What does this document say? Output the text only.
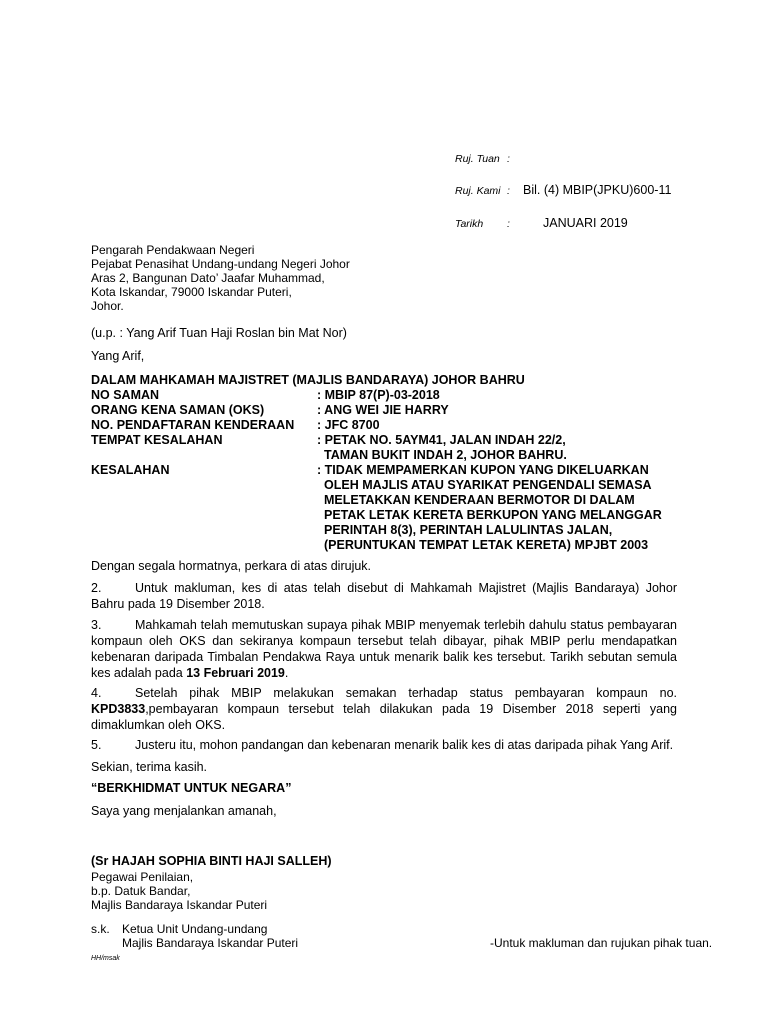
Ruj. Tuan :
Ruj. Kami : Bil. (4) MBIP(JPKU)600-11
Tarikh :	JANUARI 2019
Pengarah Pendakwaan Negeri
Pejabat Penasihat Undang-undang Negeri Johor
Aras 2, Bangunan Dato’ Jaafar Muhammad,
Kota Iskandar, 79000 Iskandar Puteri,
Johor.
(u.p. : Yang Arif Tuan Haji Roslan bin Mat Nor)
Yang Arif,
DALAM MAHKAMAH MAJISTRET (MAJLIS BANDARAYA) JOHOR BAHRU
NO SAMAN	: MBIP 87(P)-03-2018
ORANG KENA SAMAN (OKS)	: ANG WEI JIE HARRY
NO. PENDAFTARAN KENDERAAN : JFC 8700
TEMPAT KESALAHAN	: PETAK NO. 5AYM41, JALAN INDAH 22/2,
TAMAN BUKIT INDAH 2, JOHOR BAHRU.
KESALAHAN	: TIDAK MEMPAMERKAN KUPON YANG DIKELUARKAN
OLEH MAJLIS ATAU SYARIKAT PENGENDALI SEMASA
MELETAKKAN KENDERAAN BERMOTOR DI DALAM
PETAK LETAK KERETA BERKUPON YANG MELANGGAR
PERINTAH 8(3), PERINTAH LALULINTAS JALAN,
(PERUNTUKAN TEMPAT LETAK KERETA) MPJBT 2003
Dengan segala hormatnya, perkara di atas dirujuk.
2.	Untuk makluman, kes di atas telah disebut di Mahkamah Majistret (Majlis Bandaraya) Johor Bahru pada 19 Disember 2018.
3.	Mahkamah telah memutuskan supaya pihak MBIP menyemak terlebih dahulu status pembayaran kompaun oleh OKS dan sekiranya kompaun tersebut telah dibayar, pihak MBIP perlu mendapatkan kebenaran daripada Timbalan Pendakwa Raya untuk menarik balik kes tersebut. Tarikh sebutan semula kes adalah pada 13 Februari 2019.
4.	Setelah pihak MBIP melakukan semakan terhadap status pembayaran kompaun no. KPD3833,pembayaran kompaun tersebut telah dilakukan pada 19 Disember 2018 seperti yang dimaklumkan oleh OKS.
5.	Justeru itu, mohon pandangan dan kebenaran menarik balik kes di atas daripada pihak Yang Arif.
Sekian, terima kasih.
“BERKHIDMAT UNTUK NEGARA”
Saya yang menjalankan amanah,
(Sr HAJAH SOPHIA BINTI HAJI SALLEH)
Pegawai Penilaian,
b.p. Datuk Bandar,
Majlis Bandaraya Iskandar Puteri
s.k. Ketua Unit Undang-undang
Majlis Bandaraya Iskandar Puteri	-Untuk makluman dan rujukan pihak tuan.
HH/msak
